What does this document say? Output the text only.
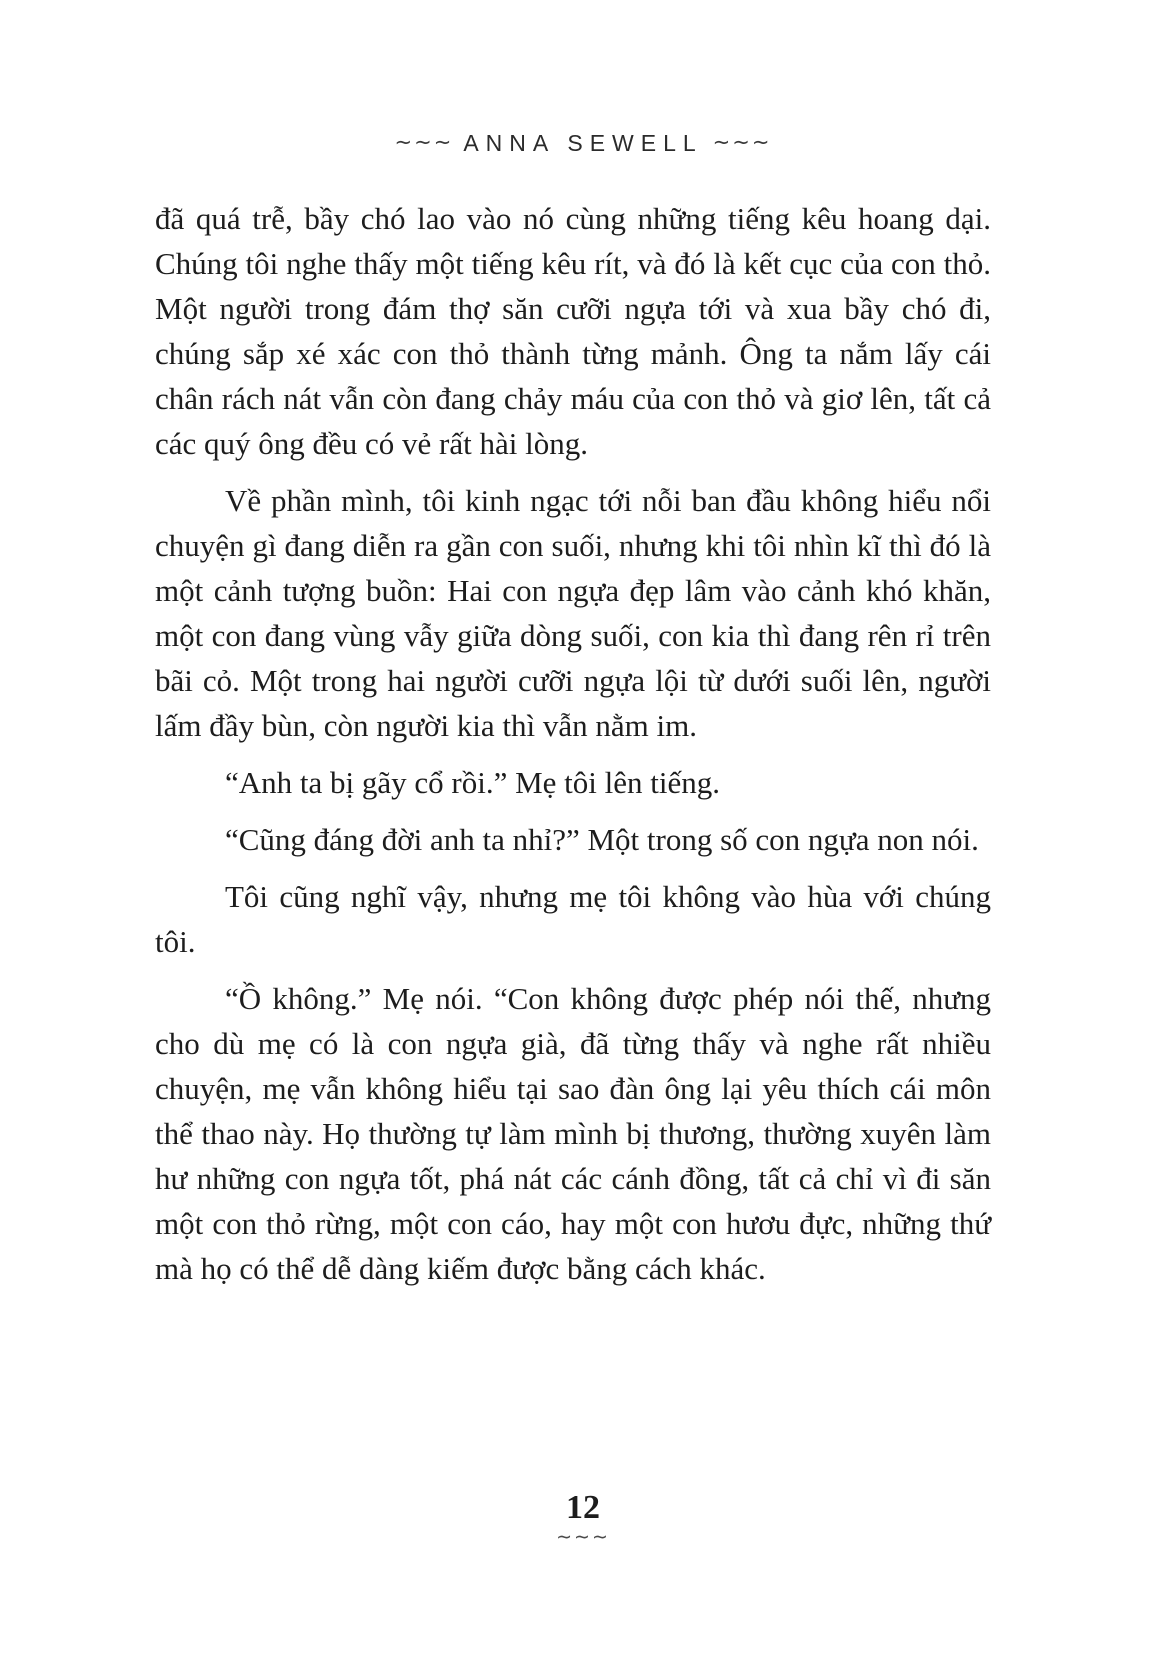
∼∼∼ ANNA SEWELL ∼∼∼

đã quá trễ, bầy chó lao vào nó cùng những tiếng kêu hoang dại. Chúng tôi nghe thấy một tiếng kêu rít, và đó là kết cục của con thỏ. Một người trong đám thợ săn cưỡi ngựa tới và xua bầy chó đi, chúng sắp xé xác con thỏ thành từng mảnh. Ông ta nắm lấy cái chân rách nát vẫn còn đang chảy máu của con thỏ và giơ lên, tất cả các quý ông đều có vẻ rất hài lòng.

Về phần mình, tôi kinh ngạc tới nỗi ban đầu không hiểu nổi chuyện gì đang diễn ra gần con suối, nhưng khi tôi nhìn kĩ thì đó là một cảnh tượng buồn: Hai con ngựa đẹp lâm vào cảnh khó khăn, một con đang vùng vẫy giữa dòng suối, con kia thì đang rên rỉ trên bãi cỏ. Một trong hai người cưỡi ngựa lội từ dưới suối lên, người lấm đầy bùn, còn người kia thì vẫn nằm im.

“Anh ta bị gãy cổ rồi.” Mẹ tôi lên tiếng.

“Cũng đáng đời anh ta nhỉ?” Một trong số con ngựa non nói.

Tôi cũng nghĩ vậy, nhưng mẹ tôi không vào hùa với chúng tôi.

“Ồ không.” Mẹ nói. “Con không được phép nói thế, nhưng cho dù mẹ có là con ngựa già, đã từng thấy và nghe rất nhiều chuyện, mẹ vẫn không hiểu tại sao đàn ông lại yêu thích cái môn thể thao này. Họ thường tự làm mình bị thương, thường xuyên làm hư những con ngựa tốt, phá nát các cánh đồng, tất cả chỉ vì đi săn một con thỏ rừng, một con cáo, hay một con hươu đực, những thứ mà họ có thể dễ dàng kiếm được bằng cách khác.

12
∼∼∼
